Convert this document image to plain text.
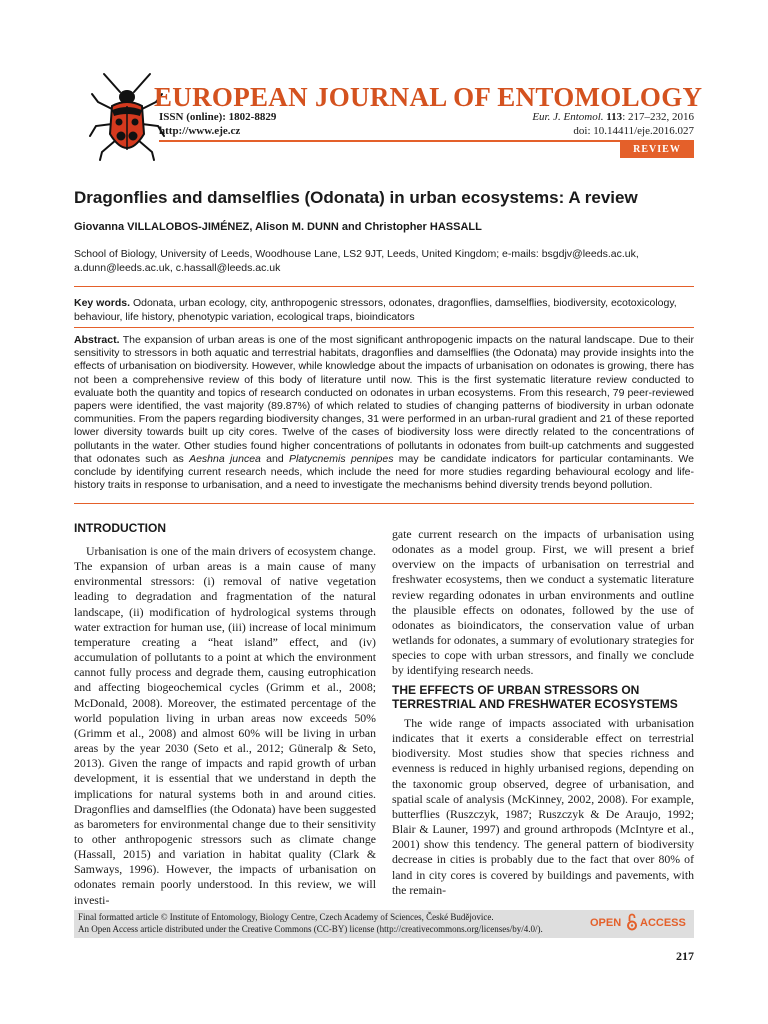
EUROPEAN JOURNAL OF ENTOMOLOGY
ISSN (online): 1802-8829
http://www.eje.cz
Eur. J. Entomol. 113: 217–232, 2016
doi: 10.14411/eje.2016.027
REVIEW
Dragonflies and damselflies (Odonata) in urban ecosystems: A review
Giovanna VILLALOBOS-JIMÉNEZ, Alison M. DUNN and Christopher HASSALL
School of Biology, University of Leeds, Woodhouse Lane, LS2 9JT, Leeds, United Kingdom; e-mails: bsgdjv@leeds.ac.uk, a.dunn@leeds.ac.uk, c.hassall@leeds.ac.uk
Key words. Odonata, urban ecology, city, anthropogenic stressors, odonates, dragonflies, damselflies, biodiversity, ecotoxicology, behaviour, life history, phenotypic variation, ecological traps, bioindicators
Abstract. The expansion of urban areas is one of the most significant anthropogenic impacts on the natural landscape. Due to their sensitivity to stressors in both aquatic and terrestrial habitats, dragonflies and damselflies (the Odonata) may provide insights into the effects of urbanisation on biodiversity. However, while knowledge about the impacts of urbanisation on odonates is growing, there has not been a comprehensive review of this body of literature until now. This is the first systematic literature review conducted to evaluate both the quantity and topics of research conducted on odonates in urban ecosystems. From this research, 79 peer-reviewed papers were identified, the vast majority (89.87%) of which related to studies of changing patterns of biodiversity in urban odonate communities. From the papers regarding biodiversity changes, 31 were performed in an urban-rural gradient and 21 of these reported lower diversity towards built up city cores. Twelve of the cases of biodiversity loss were directly related to the concentrations of pollutants in the water. Other studies found higher concentrations of pollutants in odonates from built-up catchments and suggested that odonates such as Aeshna juncea and Platycnemis pennipes may be candidate indicators for particular contaminants. We conclude by identifying current research needs, which include the need for more studies regarding behavioural ecology and life-history traits in response to urbanisation, and a need to investigate the mechanisms behind diversity trends beyond pollution.
INTRODUCTION

Urbanisation is one of the main drivers of ecosystem change. The expansion of urban areas is a main cause of many environmental stressors: (i) removal of native vegetation leading to degradation and fragmentation of the natural landscape, (ii) modification of hydrological systems through water extraction for human use, (iii) increase of local minimum temperature creating a “heat island” effect, and (iv) accumulation of pollutants to a point at which the environment cannot fully process and degrade them, causing eutrophication and affecting biogeochemical cycles (Grimm et al., 2008; McDonald, 2008). Moreover, the estimated percentage of the world population living in urban areas now exceeds 50% (Grimm et al., 2008) and almost 60% will be living in urban areas by the year 2030 (Seto et al., 2012; Güneralp & Seto, 2013). Given the range of impacts and rapid growth of urban development, it is essential that we understand in depth the implications for natural systems both in and around cities. Dragonflies and damselflies (the Odonata) have been suggested as barometers for environmental change due to their sensitivity to other anthropogenic stressors such as climate change (Hassall, 2015) and variation in habitat quality (Clark & Samways, 1996). However, the impacts of urbanisation on odonates remain poorly understood. In this review, we will investi-

gate current research on the impacts of urbanisation using odonates as a model group. First, we will present a brief overview on the impacts of urbanisation on terrestrial and freshwater ecosystems, then we conduct a systematic literature review regarding odonates in urban environments and outline the plausible effects on odonates, followed by the use of odonates as bioindicators, the conservation value of urban wetlands for odonates, a summary of evolutionary strategies for species to cope with urban stressors, and finally we conclude by identifying research needs.

THE EFFECTS OF URBAN STRESSORS ON TERRESTRIAL AND FRESHWATER ECOSYSTEMS

The wide range of impacts associated with urbanisation indicates that it exerts a considerable effect on terrestrial biodiversity. Most studies show that species richness and evenness is reduced in highly urbanised regions, depending on the taxonomic group observed, degree of urbanisation, and spatial scale of analysis (McKinney, 2002, 2008). For example, butterflies (Ruszczyk, 1987; Ruszczyk & De Araujo, 1992; Blair & Launer, 1997) and ground arthropods (McIntyre et al., 2001) show this tendency. The general pattern of biodiversity decrease in cities is probably due to the fact that over 80% of land in city cores is covered by buildings and pavements, with the remain-

Final formatted article © Institute of Entomology, Biology Centre, Czech Academy of Sciences, České Budějovice.
An Open Access article distributed under the Creative Commons (CC-BY) license (http://creativecommons.org/licenses/by/4.0/).	OPEN ACCESS
217
